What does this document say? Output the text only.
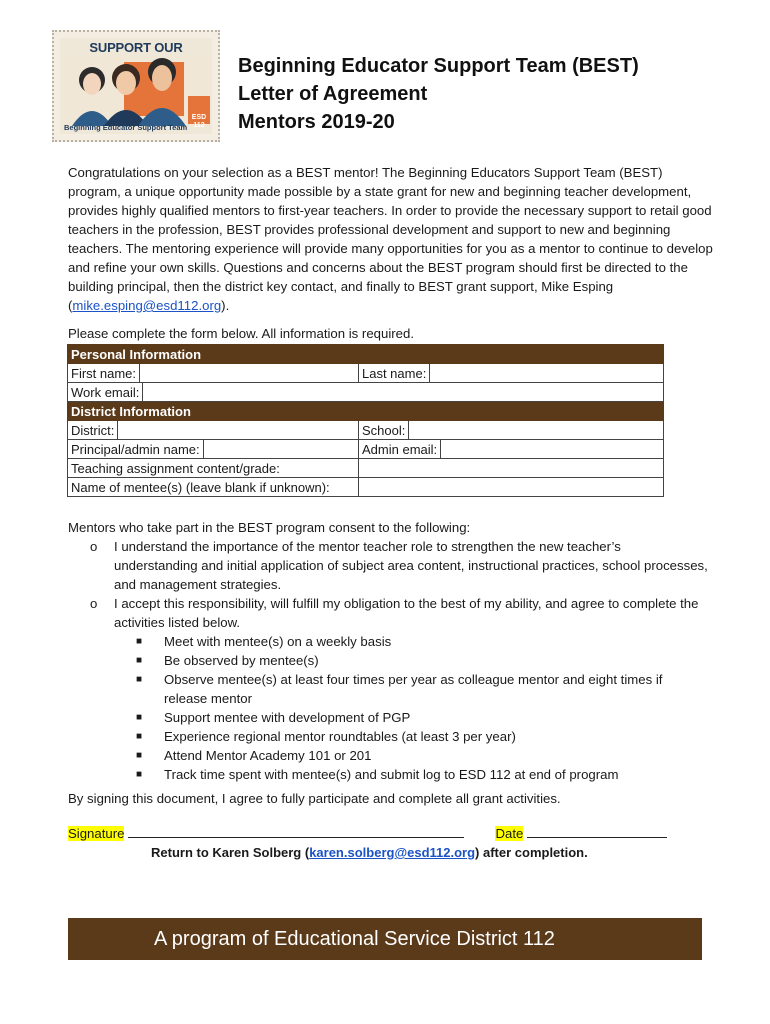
SUPPORT OUR
Beginning Educator Support Team
ESD 112
Beginning Educator Support Team (BEST)
Letter of Agreement
Mentors 2019-20
Congratulations on your selection as a BEST mentor! The Beginning Educators Support Team (BEST) program, a unique opportunity made possible by a state grant for new and beginning teacher development, provides highly qualified mentors to first-year teachers. In order to provide the necessary support to retail good teachers in the profession, BEST provides professional development and support to new and beginning teachers. The mentoring experience will provide many opportunities for you as a mentor to continue to develop and refine your own skills. Questions and concerns about the BEST program should first be directed to the building principal, then the district key contact, and finally to BEST grant support, Mike Esping (mike.esping@esd112.org).
Please complete the form below. All information is required.
Personal Information	

First name:	Last name:

Work email:	

District Information	

District:	School:

Principal/admin name:	Admin email:

Teaching assignment content/grade:	
Name of mentee(s) (leave blank if unknown):	
Mentors who take part in the BEST program consent to the following:
o I understand the importance of the mentor teacher role to strengthen the new teacher’s understanding and initial application of subject area content, instructional practices, school processes, and management strategies.
o I accept this responsibility, will fulfill my obligation to the best of my ability, and agree to complete the activities listed below.
■ Meet with mentee(s) on a weekly basis
■ Be observed by mentee(s)
■ Observe mentee(s) at least four times per year as colleague mentor and eight times if release mentor
■ Support mentee with development of PGP
■ Experience regional mentor roundtables (at least 3 per year)
■ Attend Mentor Academy 101 or 201
■ Track time spent with mentee(s) and submit log to ESD 112 at end of program
By signing this document, I agree to fully participate and complete all grant activities.
Signature	Date
Return to Karen Solberg (karen.solberg@esd112.org) after completion.
A program of Educational Service District 112
